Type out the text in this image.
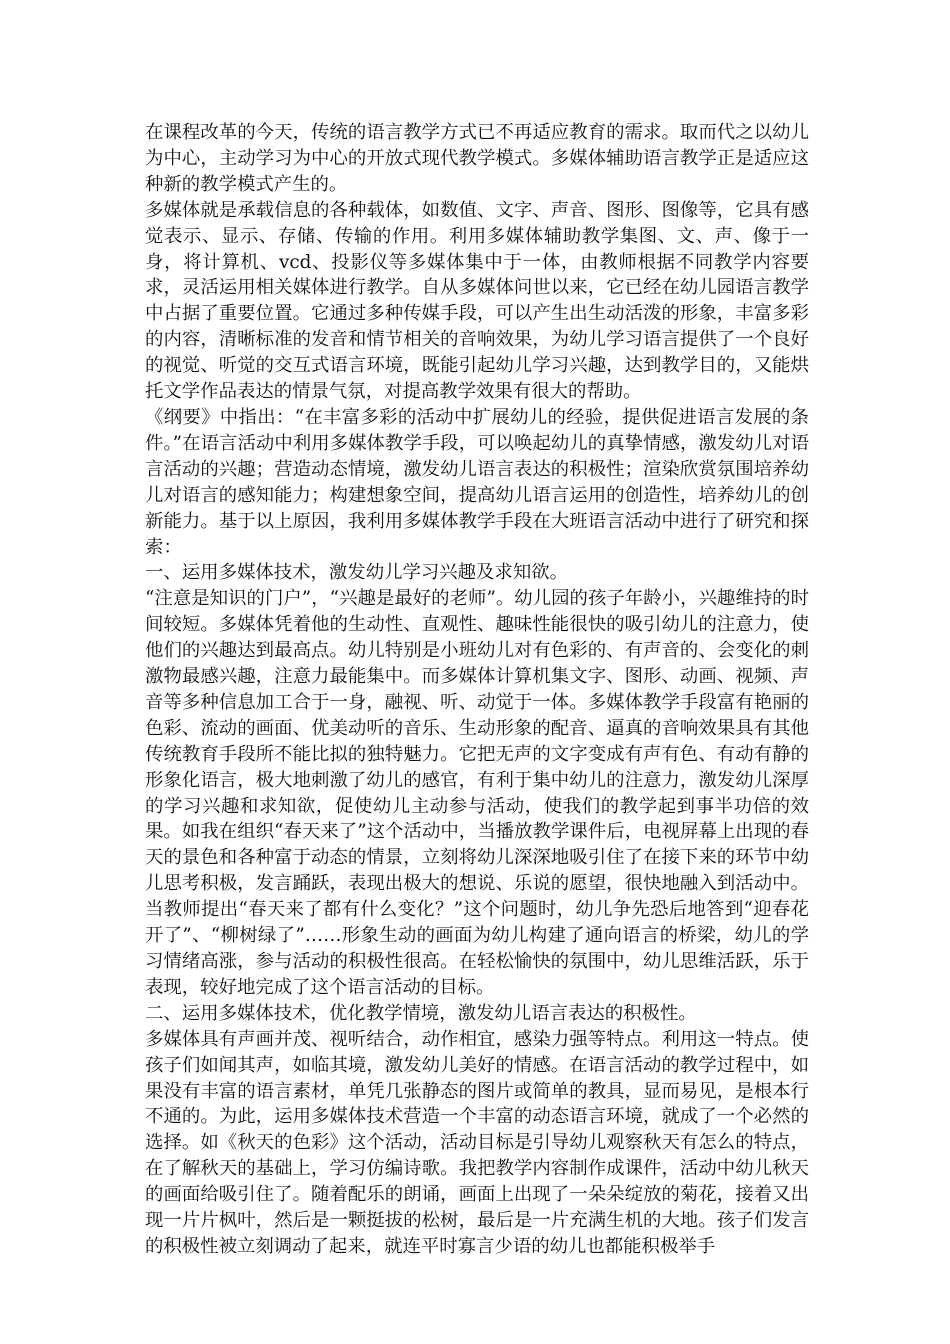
在课程改革的今天，传统的语言教学方式已不再适应教育的需求。取而代之以幼儿为中心，主动学习为中心的开放式现代教学模式。多媒体辅助语言教学正是适应这种新的教学模式产生的。

多媒体就是承载信息的各种载体，如数值、文字、声音、图形、图像等，它具有感觉表示、显示、存储、传输的作用。利用多媒体辅助教学集图、文、声、像于一身，将计算机、vcd、投影仪等多媒体集中于一体，由教师根据不同教学内容要求，灵活运用相关媒体进行教学。自从多媒体问世以来，它已经在幼儿园语言教学中占据了重要位置。它通过多种传媒手段，可以产生出生动活泼的形象，丰富多彩的内容，清晰标准的发音和情节相关的音响效果，为幼儿学习语言提供了一个良好的视觉、听觉的交互式语言环境，既能引起幼儿学习兴趣，达到教学目的，又能烘托文学作品表达的情景气氛，对提高教学效果有很大的帮助。

《纲要》中指出：“在丰富多彩的活动中扩展幼儿的经验，提供促进语言发展的条件。”在语言活动中利用多媒体教学手段，可以唤起幼儿的真挚情感，激发幼儿对语言活动的兴趣；营造动态情境，激发幼儿语言表达的积极性；渲染欣赏氛围培养幼儿对语言的感知能力；构建想象空间，提高幼儿语言运用的创造性，培养幼儿的创新能力。基于以上原因，我利用多媒体教学手段在大班语言活动中进行了研究和探索：

一、运用多媒体技术，激发幼儿学习兴趣及求知欲。

“注意是知识的门户”，“兴趣是最好的老师”。幼儿园的孩子年龄小，兴趣维持的时间较短。多媒体凭着他的生动性、直观性、趣味性能很快的吸引幼儿的注意力，使他们的兴趣达到最高点。幼儿特别是小班幼儿对有色彩的、有声音的、会变化的刺激物最感兴趣，注意力最能集中。而多媒体计算机集文字、图形、动画、视频、声音等多种信息加工合于一身，融视、听、动觉于一体。多媒体教学手段富有艳丽的色彩、流动的画面、优美动听的音乐、生动形象的配音、逼真的音响效果具有其他传统教育手段所不能比拟的独特魅力。它把无声的文字变成有声有色、有动有静的形象化语言，极大地刺激了幼儿的感官，有利于集中幼儿的注意力，激发幼儿深厚的学习兴趣和求知欲，促使幼儿主动参与活动，使我们的教学起到事半功倍的效果。如我在组织“春天来了”这个活动中，当播放教学课件后，电视屏幕上出现的春天的景色和各种富于动态的情景，立刻将幼儿深深地吸引住了在接下来的环节中幼儿思考积极，发言踊跃，表现出极大的想说、乐说的愿望，很快地融入到活动中。当教师提出“春天来了都有什么变化？”这个问题时，幼儿争先恐后地答到“迎春花开了”、“柳树绿了”……形象生动的画面为幼儿构建了通向语言的桥梁，幼儿的学习情绪高涨，参与活动的积极性很高。在轻松愉快的氛围中，幼儿思维活跃，乐于表现，较好地完成了这个语言活动的目标。

二、运用多媒体技术，优化教学情境，激发幼儿语言表达的积极性。

多媒体具有声画并茂、视听结合，动作相宜，感染力强等特点。利用这一特点。使孩子们如闻其声，如临其境，激发幼儿美好的情感。在语言活动的教学过程中，如果没有丰富的语言素材，单凭几张静态的图片或简单的教具，显而易见，是根本行不通的。为此，运用多媒体技术营造一个丰富的动态语言环境，就成了一个必然的选择。如《秋天的色彩》这个活动，活动目标是引导幼儿观察秋天有怎么的特点，在了解秋天的基础上，学习仿编诗歌。我把教学内容制作成课件，活动中幼儿秋天的画面给吸引住了。随着配乐的朗诵，画面上出现了一朵朵绽放的菊花，接着又出现一片片枫叶，然后是一颗挺拔的松树，最后是一片充满生机的大地。孩子们发言的积极性被立刻调动了起来，就连平时寡言少语的幼儿也都能积极举手
